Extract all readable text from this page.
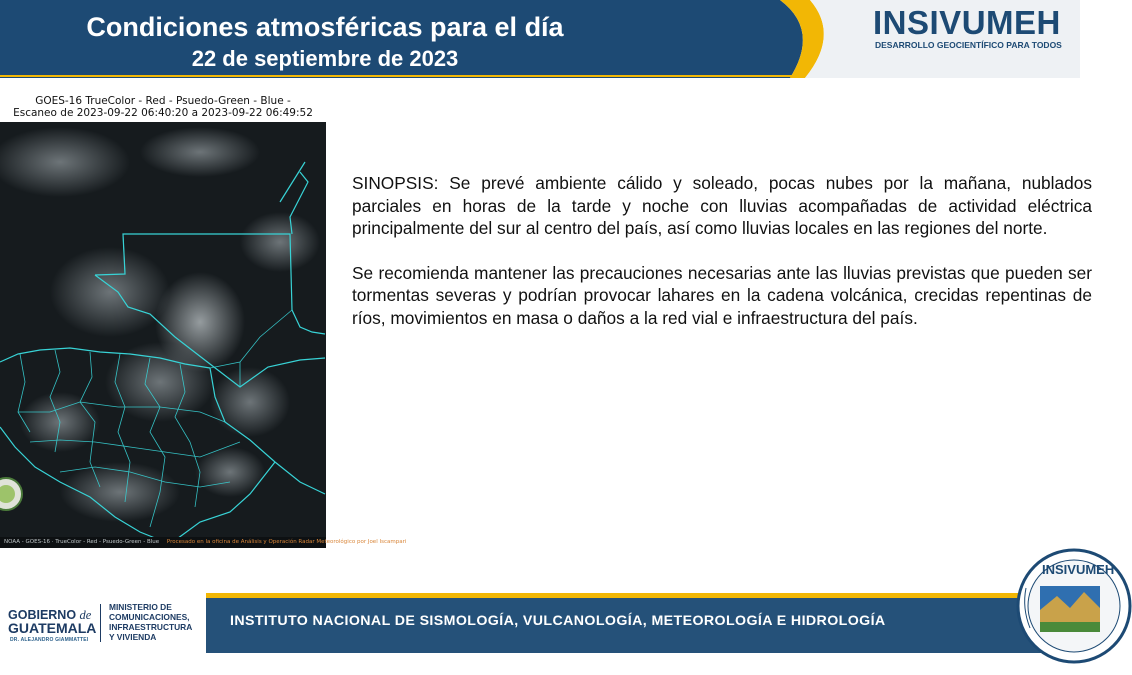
Condiciones atmosféricas para el día
22 de septiembre de 2023
INSIVUMEH
DESARROLLO GEOCIENTÍFICO PARA TODOS
GOES-16 TrueColor - Red - Psuedo-Green - Blue -
Escaneo de 2023-09-22 06:40:20 a 2023-09-22 06:49:52
NOAA - GOES-16 · TrueColor - Red - Psuedo-Green - Blue Procesado en la oficina de Análisis y Operación Radar Meteorológico por Joel Iscampari

SINOPSIS: Se prevé ambiente cálido y soleado, pocas nubes por la mañana, nublados parciales en horas de la tarde y noche con lluvias acompañadas de actividad eléctrica principalmente del sur al centro del país, así como lluvias locales en las regiones del norte.

Se recomienda mantener las precauciones necesarias ante las lluvias previstas que pueden ser tormentas severas y podrían provocar lahares en la cadena volcánica, crecidas repentinas de ríos, movimientos en masa o daños a la red vial e infraestructura del país.

GOBIERNO de
GUATEMALA
DR. ALEJANDRO GIAMMATTEI
MINISTERIO DE
COMUNICACIONES,
INFRAESTRUCTURA
Y VIVIENDA
INSTITUTO NACIONAL DE SISMOLOGÍA, VULCANOLOGÍA, METEOROLOGÍA E HIDROLOGÍA
INSIVUMEH
